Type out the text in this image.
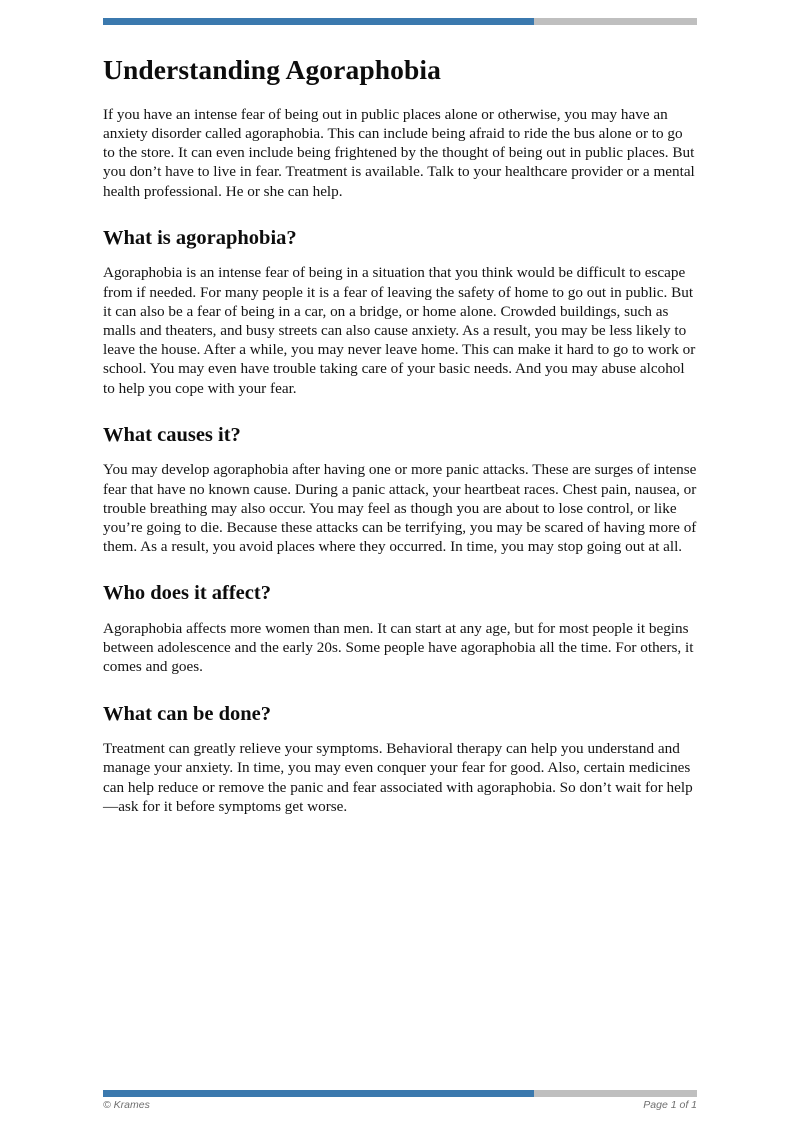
Understanding Agoraphobia

If you have an intense fear of being out in public places alone or otherwise, you may have an anxiety disorder called agoraphobia. This can include being afraid to ride the bus alone or to go to the store. It can even include being frightened by the thought of being out in public places. But you don’t have to live in fear. Treatment is available. Talk to your healthcare provider or a mental health professional. He or she can help.

What is agoraphobia?

Agoraphobia is an intense fear of being in a situation that you think would be difficult to escape from if needed. For many people it is a fear of leaving the safety of home to go out in public. But it can also be a fear of being in a car, on a bridge, or home alone. Crowded buildings, such as malls and theaters, and busy streets can also cause anxiety. As a result, you may be less likely to leave the house. After a while, you may never leave home. This can make it hard to go to work or school. You may even have trouble taking care of your basic needs. And you may abuse alcohol to help you cope with your fear.

What causes it?

You may develop agoraphobia after having one or more panic attacks. These are surges of intense fear that have no known cause. During a panic attack, your heartbeat races. Chest pain, nausea, or trouble breathing may also occur. You may feel as though you are about to lose control, or like you’re going to die. Because these attacks can be terrifying, you may be scared of having more of them. As a result, you avoid places where they occurred. In time, you may stop going out at all.

Who does it affect?

Agoraphobia affects more women than men. It can start at any age, but for most people it begins between adolescence and the early 20s. Some people have agoraphobia all the time. For others, it comes and goes.

What can be done?

Treatment can greatly relieve your symptoms. Behavioral therapy can help you understand and manage your anxiety. In time, you may even conquer your fear for good. Also, certain medicines can help reduce or remove the panic and fear associated with agoraphobia. So don’t wait for help—ask for it before symptoms get worse.

© Krames	Page 1 of 1
